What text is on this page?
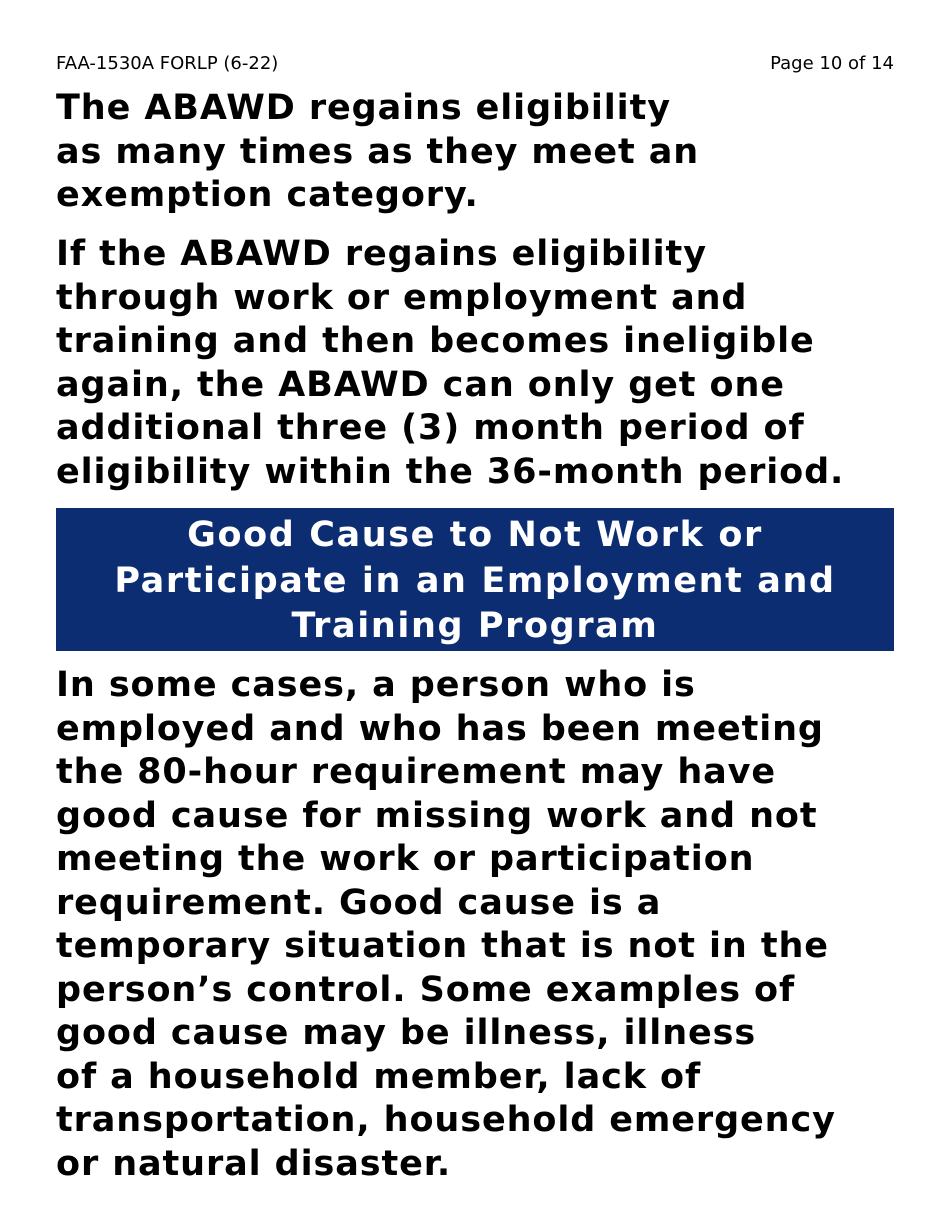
FAA-1530A FORLP (6-22)	Page 10 of 14

The ABAWD regains eligibility
as many times as they meet an
exemption category.

If the ABAWD regains eligibility
through work or employment and
training and then becomes ineligible
again, the ABAWD can only get one
additional three (3) month period of
eligibility within the 36-month period.

Good Cause to Not Work or
Participate in an Employment and
Training Program

In some cases, a person who is
employed and who has been meeting
the 80-hour requirement may have
good cause for missing work and not
meeting the work or participation
requirement. Good cause is a
temporary situation that is not in the
person’s control. Some examples of
good cause may be illness, illness
of a household member, lack of
transportation, household emergency
or natural disaster.
